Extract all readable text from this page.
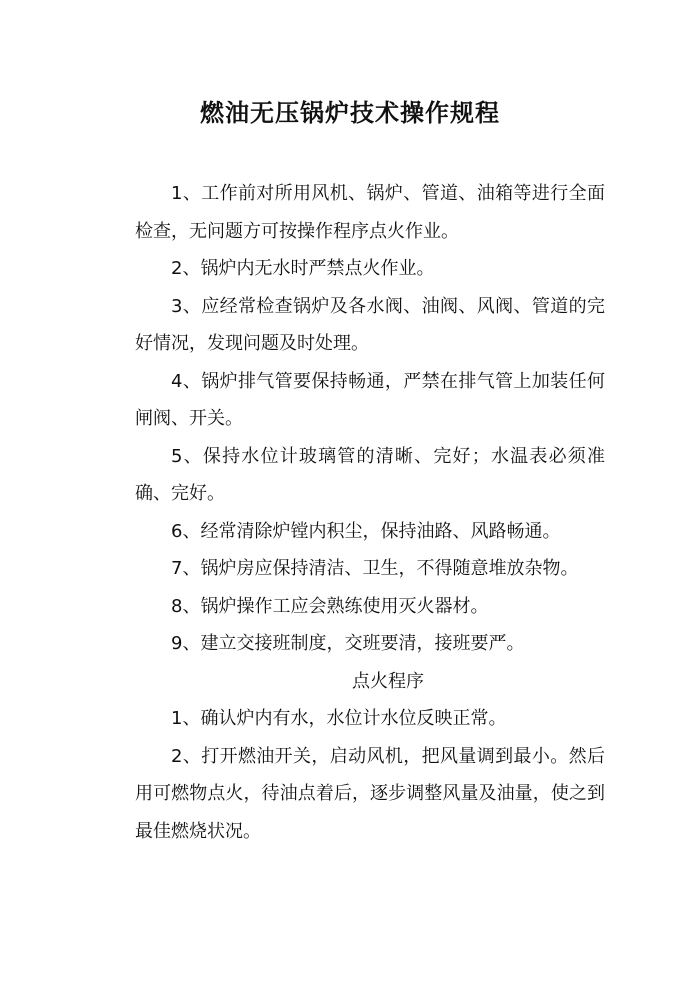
燃油无压锅炉技术操作规程

1、工作前对所用风机、锅炉、管道、油箱等进行全面检查，无问题方可按操作程序点火作业。

2、锅炉内无水时严禁点火作业。

3、应经常检查锅炉及各水阀、油阀、风阀、管道的完好情况，发现问题及时处理。

4、锅炉排气管要保持畅通，严禁在排气管上加装任何闸阀、开关。

5、保持水位计玻璃管的清晰、完好；水温表必须准确、完好。

6、经常清除炉镗内积尘，保持油路、风路畅通。

7、锅炉房应保持清洁、卫生，不得随意堆放杂物。

8、锅炉操作工应会熟练使用灭火器材。

9、建立交接班制度，交班要清，接班要严。

点火程序

1、确认炉内有水，水位计水位反映正常。

2、打开燃油开关，启动风机，把风量调到最小。然后用可燃物点火，待油点着后，逐步调整风量及油量，使之到最佳燃烧状况。
